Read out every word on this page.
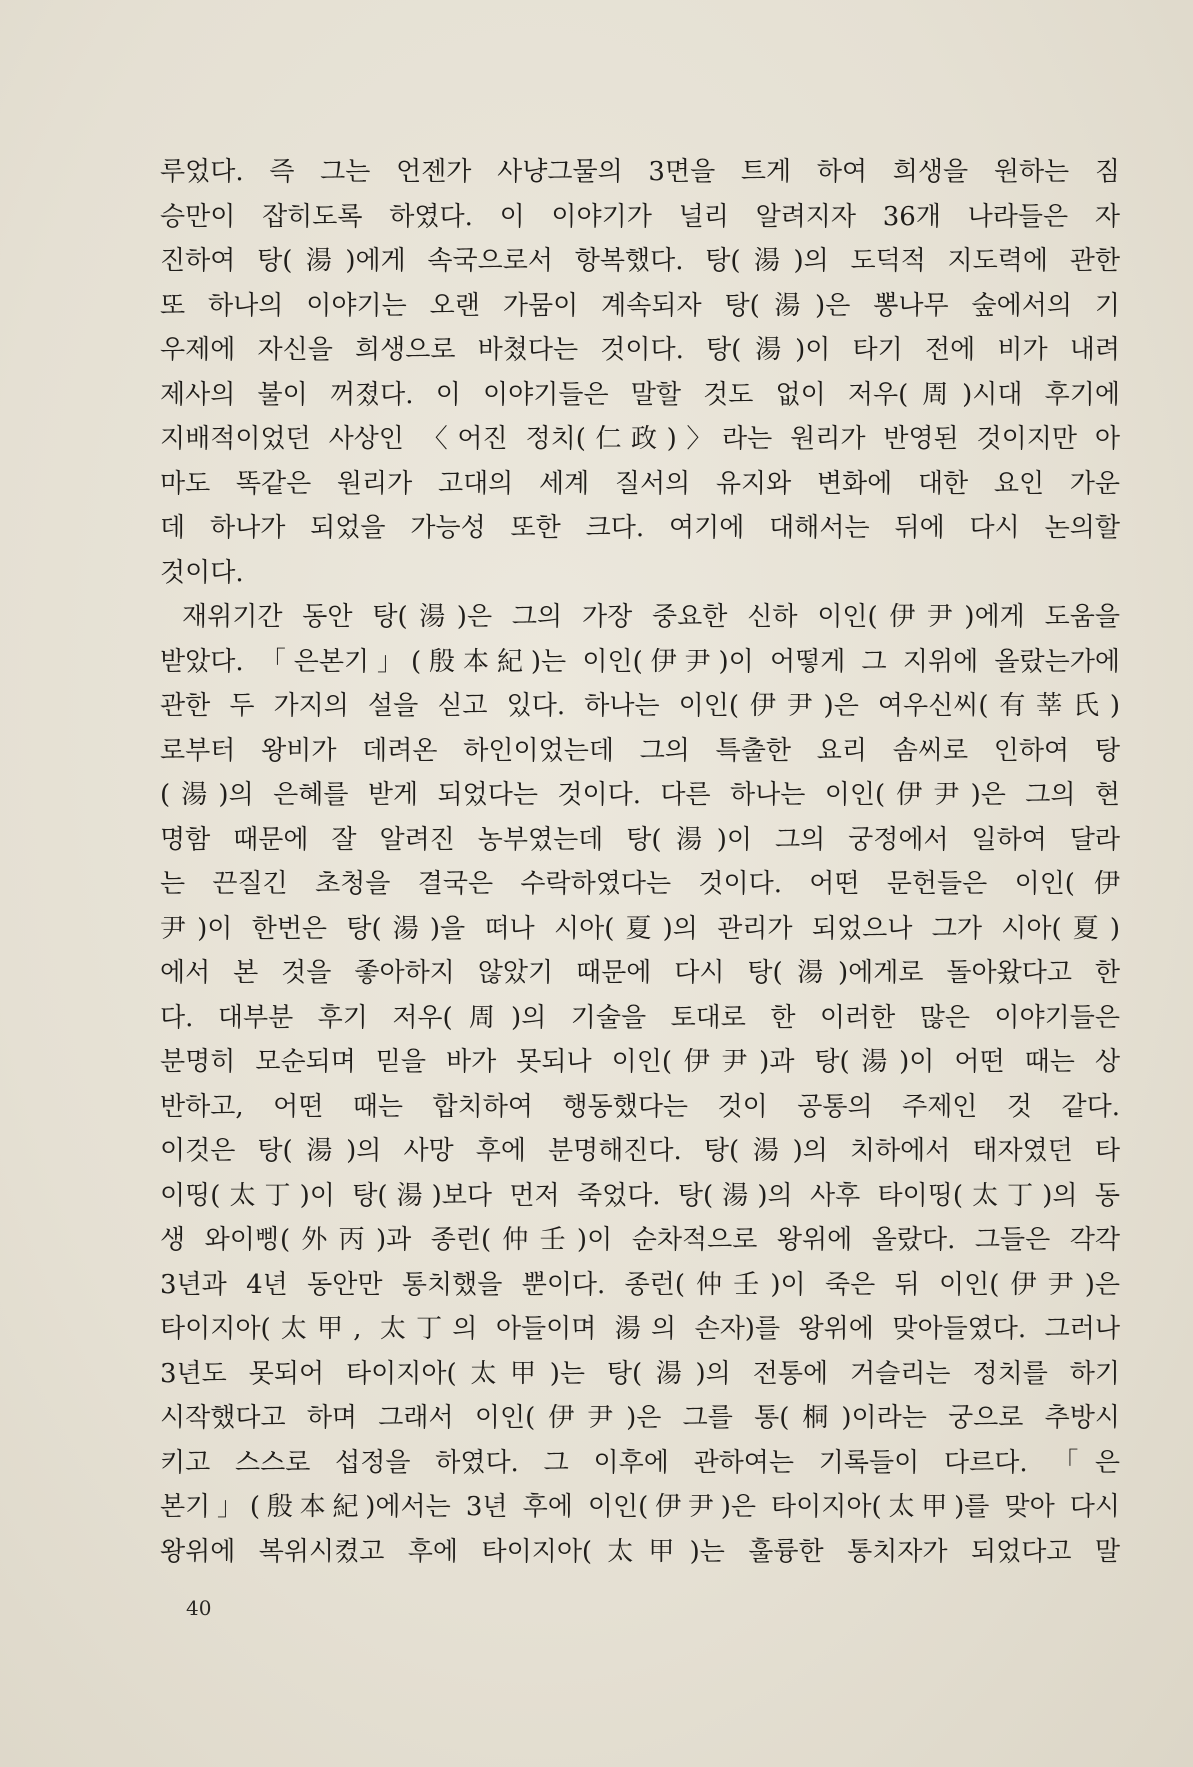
루었다. 즉 그는 언젠가 사냥그물의 3면을 트게 하여 희생을 원하는 짐
승만이 잡히도록 하였다. 이 이야기가 널리 알려지자 36개 나라들은 자
진하여 탕(湯)에게 속국으로서 항복했다. 탕(湯)의 도덕적 지도력에 관한
또 하나의 이야기는 오랜 가뭄이 계속되자 탕(湯)은 뽕나무 숲에서의 기
우제에 자신을 희생으로 바쳤다는 것이다. 탕(湯)이 타기 전에 비가 내려
제사의 불이 꺼졌다. 이 이야기들은 말할 것도 없이 저우(周)시대 후기에
지배적이었던 사상인 〈어진 정치(仁政)〉라는 원리가 반영된 것이지만 아
마도 똑같은 원리가 고대의 세계 질서의 유지와 변화에 대한 요인 가운
데 하나가 되었을 가능성 또한 크다. 여기에 대해서는 뒤에 다시 논의할
것이다.
재위기간 동안 탕(湯)은 그의 가장 중요한 신하 이인(伊尹)에게 도움을
받았다. 「은본기」(殷本紀)는 이인(伊尹)이 어떻게 그 지위에 올랐는가에
관한 두 가지의 설을 싣고 있다. 하나는 이인(伊尹)은 여우신씨(有莘氏)
로부터 왕비가 데려온 하인이었는데 그의 특출한 요리 솜씨로 인하여 탕
(湯)의 은혜를 받게 되었다는 것이다. 다른 하나는 이인(伊尹)은 그의 현
명함 때문에 잘 알려진 농부였는데 탕(湯)이 그의 궁정에서 일하여 달라
는 끈질긴 초청을 결국은 수락하였다는 것이다. 어떤 문헌들은 이인(伊
尹)이 한번은 탕(湯)을 떠나 시아(夏)의 관리가 되었으나 그가 시아(夏)
에서 본 것을 좋아하지 않았기 때문에 다시 탕(湯)에게로 돌아왔다고 한
다. 대부분 후기 저우(周)의 기술을 토대로 한 이러한 많은 이야기들은
분명히 모순되며 믿을 바가 못되나 이인(伊尹)과 탕(湯)이 어떤 때는 상
반하고, 어떤 때는 합치하여 행동했다는 것이 공통의 주제인 것 같다.
이것은 탕(湯)의 사망 후에 분명해진다. 탕(湯)의 치하에서 태자였던 타
이띵(太丁)이 탕(湯)보다 먼저 죽었다. 탕(湯)의 사후 타이띵(太丁)의 동
생 와이삥(外丙)과 종런(仲壬)이 순차적으로 왕위에 올랐다. 그들은 각각
3년과 4년 동안만 통치했을 뿐이다. 종런(仲壬)이 죽은 뒤 이인(伊尹)은
타이지아(太甲, 太丁의 아들이며 湯의 손자)를 왕위에 맞아들였다. 그러나
3년도 못되어 타이지아(太甲)는 탕(湯)의 전통에 거슬리는 정치를 하기
시작했다고 하며 그래서 이인(伊尹)은 그를 통(桐)이라는 궁으로 추방시
키고 스스로 섭정을 하였다. 그 이후에 관하여는 기록들이 다르다. 「은
본기」(殷本紀)에서는 3년 후에 이인(伊尹)은 타이지아(太甲)를 맞아 다시
왕위에 복위시켰고 후에 타이지아(太甲)는 훌륭한 통치자가 되었다고 말
40
